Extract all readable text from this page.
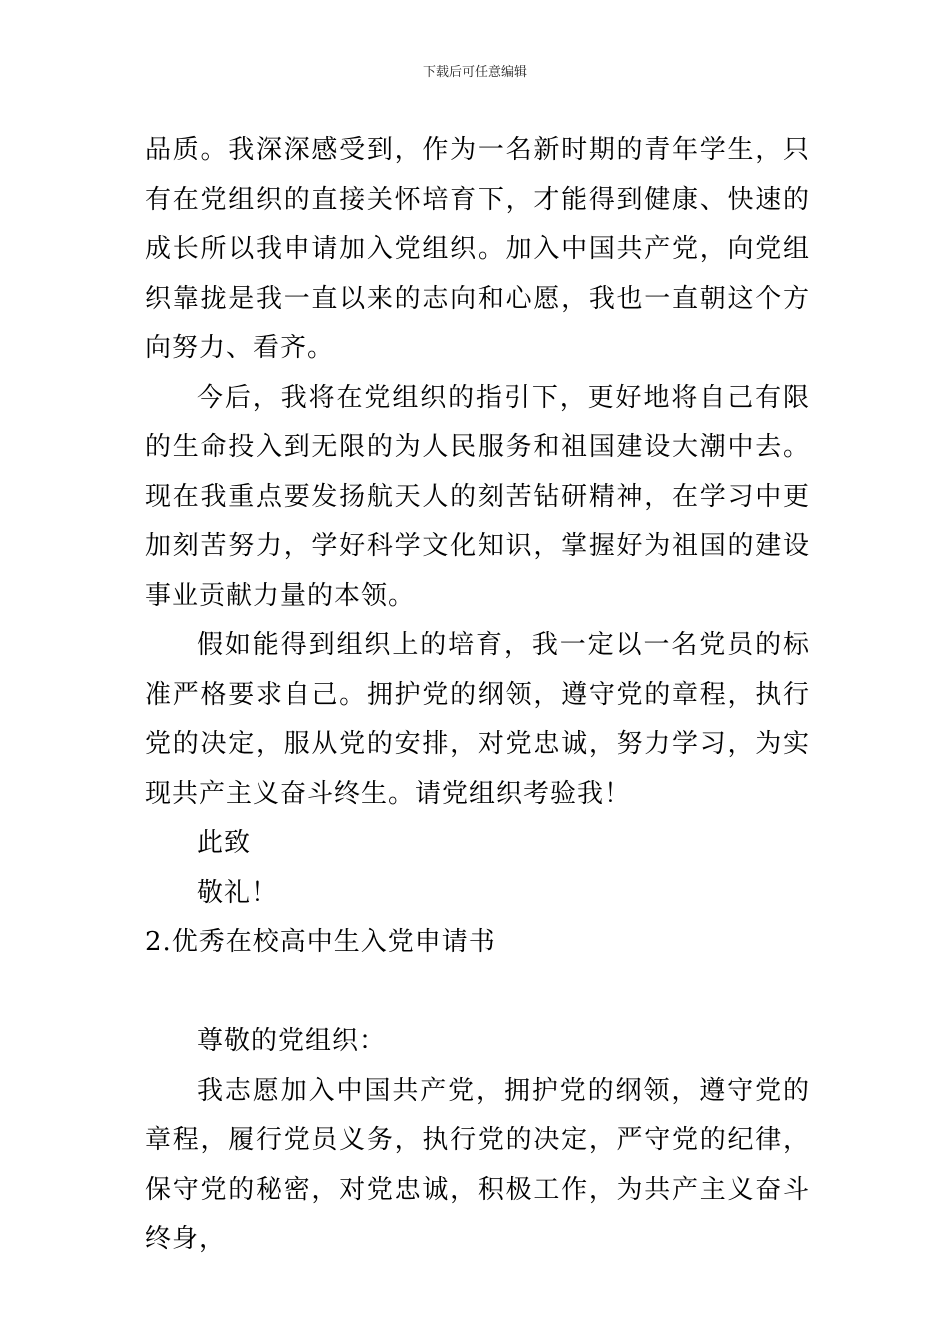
下载后可任意编辑

品质。我深深感受到，作为一名新时期的青年学生，只有在党组织的直接关怀培育下，才能得到健康、快速的成长所以我申请加入党组织。加入中国共产党，向党组织靠拢是我一直以来的志向和心愿，我也一直朝这个方向努力、看齐。

今后，我将在党组织的指引下，更好地将自己有限的生命投入到无限的为人民服务和祖国建设大潮中去。现在我重点要发扬航天人的刻苦钻研精神，在学习中更加刻苦努力，学好科学文化知识，掌握好为祖国的建设事业贡献力量的本领。

假如能得到组织上的培育，我一定以一名党员的标准严格要求自己。拥护党的纲领，遵守党的章程，执行党的决定，服从党的安排，对党忠诚，努力学习，为实现共产主义奋斗终生。请党组织考验我！

此致

敬礼！

2.优秀在校高中生入党申请书

尊敬的党组织：

我志愿加入中国共产党，拥护党的纲领，遵守党的章程，履行党员义务，执行党的决定，严守党的纪律，保守党的秘密，对党忠诚，积极工作，为共产主义奋斗终身，
